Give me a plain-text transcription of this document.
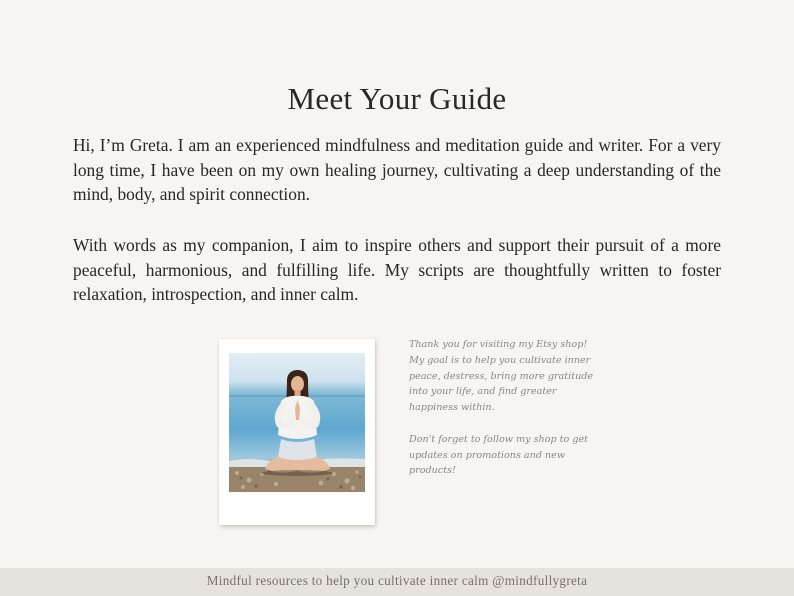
Meet Your Guide
Hi, I’m Greta. I am an experienced mindfulness and meditation guide and writer. For a very long time, I have been on my own healing journey, cultivating a deep understanding of the mind, body, and spirit connection.
With words as my companion, I aim to inspire others and support their pursuit of a more peaceful, harmonious, and fulfilling life. My scripts are thoughtfully written to foster relaxation, introspection, and inner calm.

Thank you for visiting my Etsy shop! My goal is to help you cultivate inner peace, destress, bring more gratitude into your life, and find greater happiness within.

Don't forget to follow my shop to get updates on promotions and new products!

Mindful resources to help you cultivate inner calm @mindfullygreta
